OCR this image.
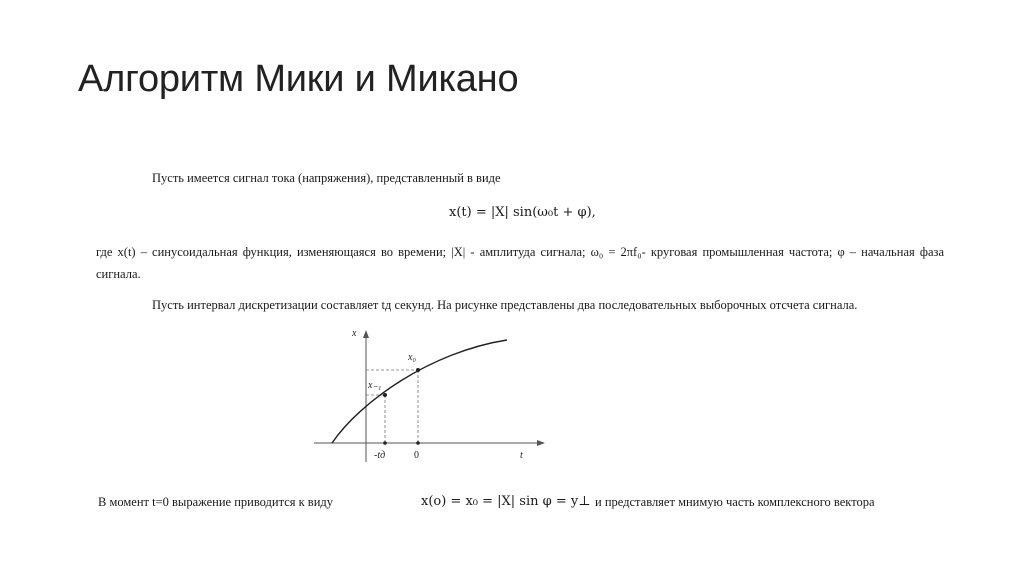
Алгоритм Мики и Микано
Пусть имеется сигнал тока (напряжения), представленный в виде
x(t) = |X| sin(ω₀t + φ),
где x(t) – синусоидальная функция, изменяющаяся во времени; |X| - амплитуда сигнала; ω₀ = 2πf₀- круговая промышленная частота; φ – начальная фаза сигнала.
Пусть интервал дискретизации составляет tд секунд. На рисунке представлены два последовательных выборочных отсчета сигнала.
x
t
x₀
x₋₁
-tд	0
В момент t=0 выражение приводится к виду	x(o) = x₀ = |X| sin φ = y⊥ и представляет мнимую часть комплексного вектора
